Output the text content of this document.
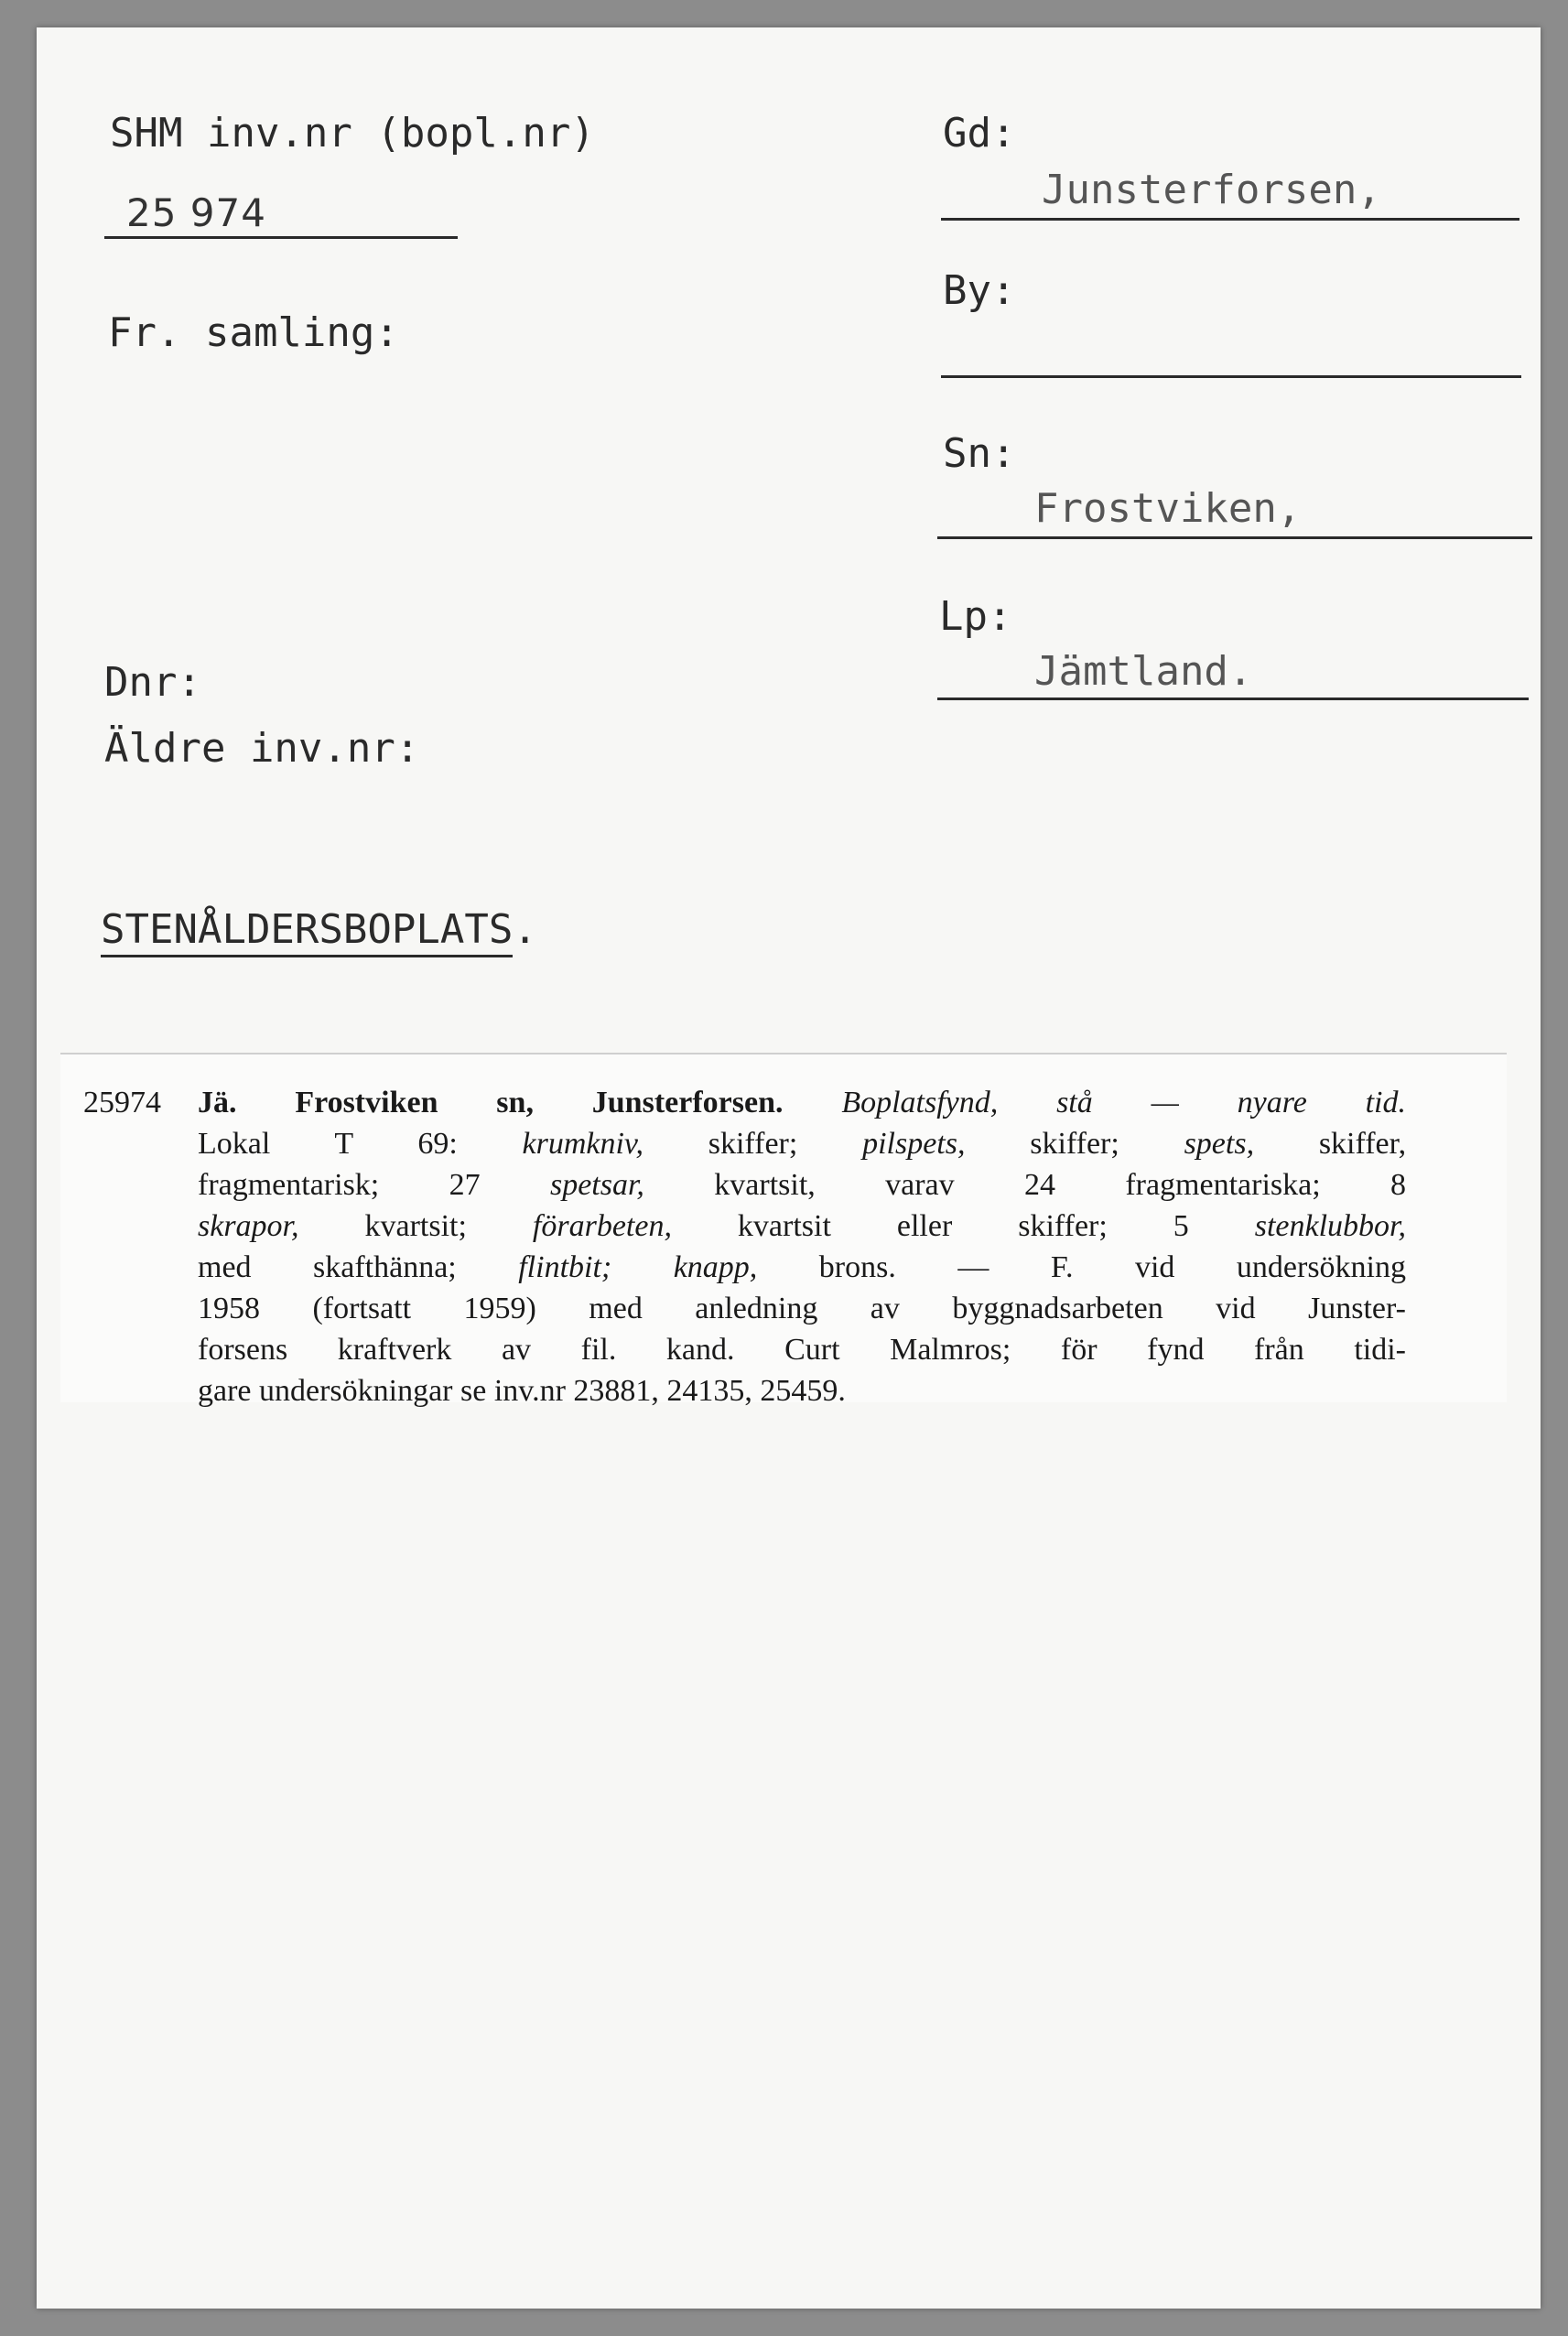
SHM inv.nr (bopl.nr)
25 974
Fr. samling:
Dnr:
Äldre inv.nr:
STENÅLDERSBOPLATS.
Gd:
Junsterforsen,
By:
Sn:
Frostviken,
Lp:
Jämtland.
25974 Jä. Frostviken sn, Junsterforsen. Boplatsfynd, stå — nyare tid.
Lokal T 69: krumkniv, skiffer; pilspets, skiffer; spets, skiffer,
fragmentarisk; 27 spetsar, kvartsit, varav 24 fragmentariska; 8
skrapor, kvartsit; förarbeten, kvartsit eller skiffer; 5 stenklubbor,
med skafthänna; flintbit; knapp, brons. — F. vid undersökning
1958 (fortsatt 1959) med anledning av byggnadsarbeten vid Junster-
forsens kraftverk av fil. kand. Curt Malmros; för fynd från tidi-
gare undersökningar se inv.nr 23881, 24135, 25459.
